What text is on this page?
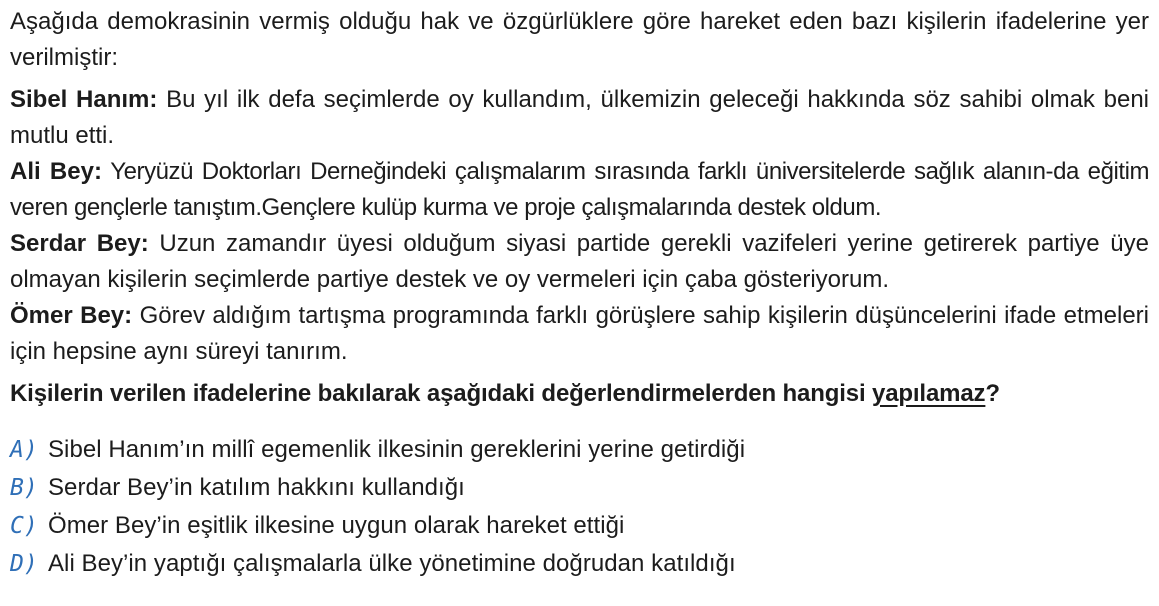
Aşağıda demokrasinin vermiş olduğu hak ve özgürlüklere göre hareket eden bazı kişilerin ifadelerine yer verilmiştir:

Sibel Hanım: Bu yıl ilk defa seçimlerde oy kullandım, ülkemizin geleceği hakkında söz sahibi olmak beni mutlu etti.

Ali Bey: Yeryüzü Doktorları Derneğindeki çalışmalarım sırasında farklı üniversitelerde sağlık alanın-da eğitim veren gençlerle tanıştım.Gençlere kulüp kurma ve proje çalışmalarında destek oldum.

Serdar Bey: Uzun zamandır üyesi olduğum siyasi partide gerekli vazifeleri yerine getirerek partiye üye olmayan kişilerin seçimlerde partiye destek ve oy vermeleri için çaba gösteriyorum.

Ömer Bey: Görev aldığım tartışma programında farklı görüşlere sahip kişilerin düşüncelerini ifade etmeleri için hepsine aynı süreyi tanırım.

Kişilerin verilen ifadelerine bakılarak aşağıdaki değerlendirmelerden hangisi yapılamaz?

A) Sibel Hanım’ın millî egemenlik ilkesinin gereklerini yerine getirdiği
B) Serdar Bey’in katılım hakkını kullandığı
C) Ömer Bey’in eşitlik ilkesine uygun olarak hareket ettiği
D) Ali Bey’in yaptığı çalışmalarla ülke yönetimine doğrudan katıldığı
